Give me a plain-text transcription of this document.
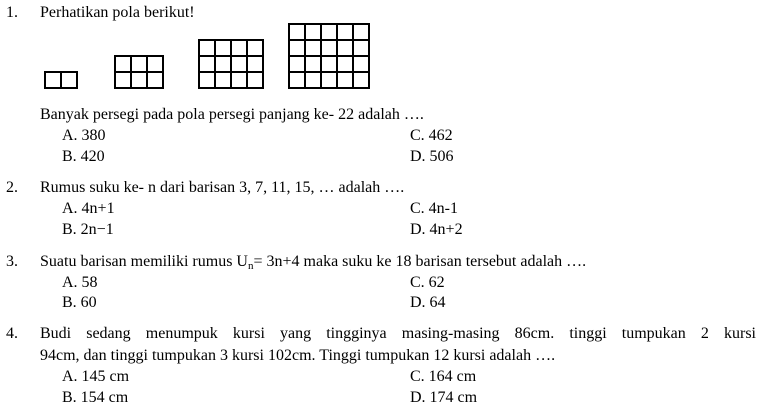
1. Perhatikan pola berikut!
Banyak persegi pada pola persegi panjang ke- 22 adalah ….
A. 380	C. 462
B. 420	D. 506
2. Rumus suku ke- n dari barisan 3, 7, 11, 15, … adalah ….
A. 4n+1	C. 4n-1
B. 2n−1	D. 4n+2
3. Suatu barisan memiliki rumus $U_n= 3n+4$ maka suku ke 18 barisan tersebut adalah ….
A. 58	C. 62
B. 60	D. 64
4. Budi sedang menumpuk kursi yang tingginya masing-masing 86cm. tinggi tumpukan 2 kursi
94cm, dan tinggi tumpukan 3 kursi 102cm. Tinggi tumpukan 12 kursi adalah ….
A. 145 cm	C. 164 cm
B. 154 cm	D. 174 cm
